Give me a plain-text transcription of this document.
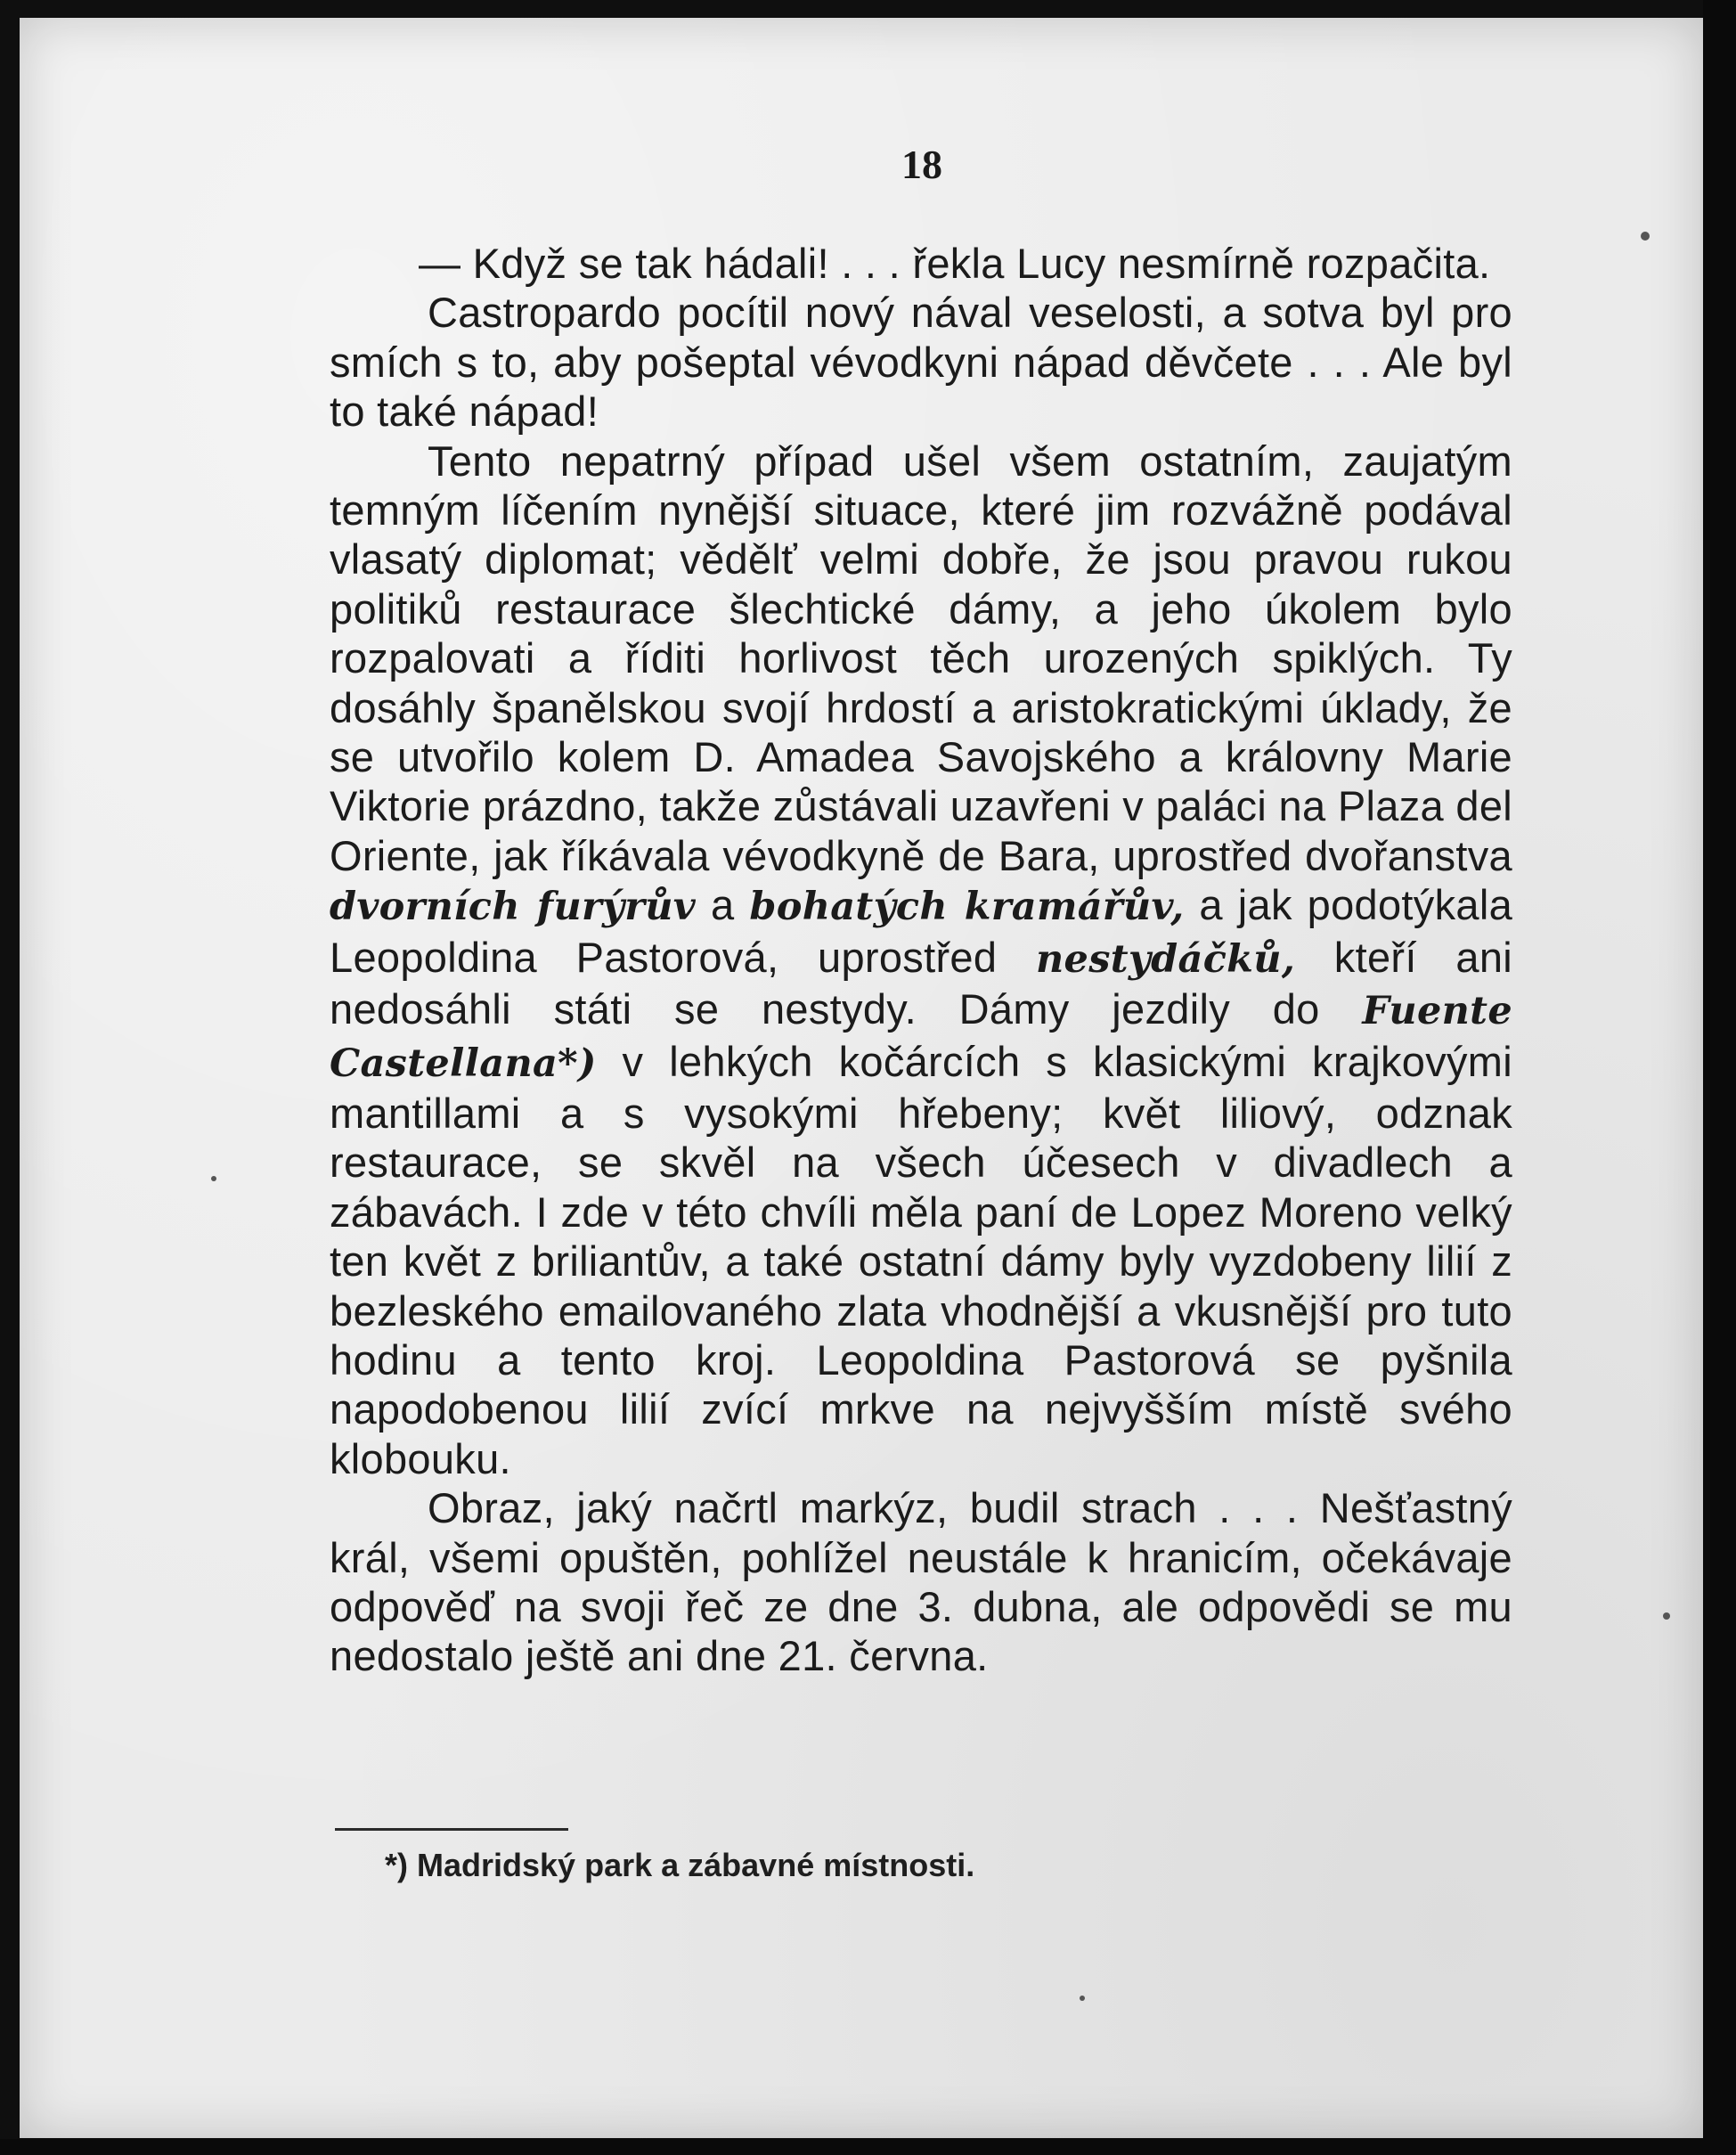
18

— Když se tak hádali! . . . řekla Lucy nesmírně rozpačita.

Castropardo pocítil nový nával veselosti, a sotva byl pro smích s to, aby pošeptal vévodkyni nápad děvčete . . . Ale byl to také nápad!

Tento nepatrný případ ušel všem ostatním, zaujatým temným líčením nynější situace, které jim rozvážně podával vlasatý diplomat; vědělť velmi dobře, že jsou pravou rukou politiků restaurace šlechtické dámy, a jeho úkolem bylo rozpalovati a říditi horlivost těch urozených spiklých. Ty dosáhly španělskou svojí hrdostí a aristokratickými úklady, že se utvořilo kolem D. Amadea Savojského a královny Marie Viktorie prázdno, takže zůstávali uzavřeni v paláci na Plaza del Oriente, jak říkávala vévodkyně de Bara, uprostřed dvořanstva dvorních furýrův a bohatých kramářův, a jak podotýkala Leopoldina Pastorová, uprostřed nestydáčků, kteří ani nedosáhli státi se nestydy. Dámy jezdily do Fuente Castellana*) v lehkých kočárcích s klasickými krajkovými mantillami a s vysokými hřebeny; květ liliový, odznak restaurace, se skvěl na všech účesech v divadlech a zábavách. I zde v této chvíli měla paní de Lopez Moreno velký ten květ z briliantův, a také ostatní dámy byly vyzdobeny lilií z bezleského emailovaného zlata vhodnější a vkusnější pro tuto hodinu a tento kroj. Leopoldina Pastorová se pyšnila napodobenou lilií zvící mrkve na nejvyšším místě svého klobouku.

Obraz, jaký načrtl markýz, budil strach . . . Nešťastný král, všemi opuštěn, pohlížel neustále k hranicím, očekávaje odpověď na svoji řeč ze dne 3. dubna, ale odpovědi se mu nedostalo ještě ani dne 21. června.

*) Madridský park a zábavné místnosti.
